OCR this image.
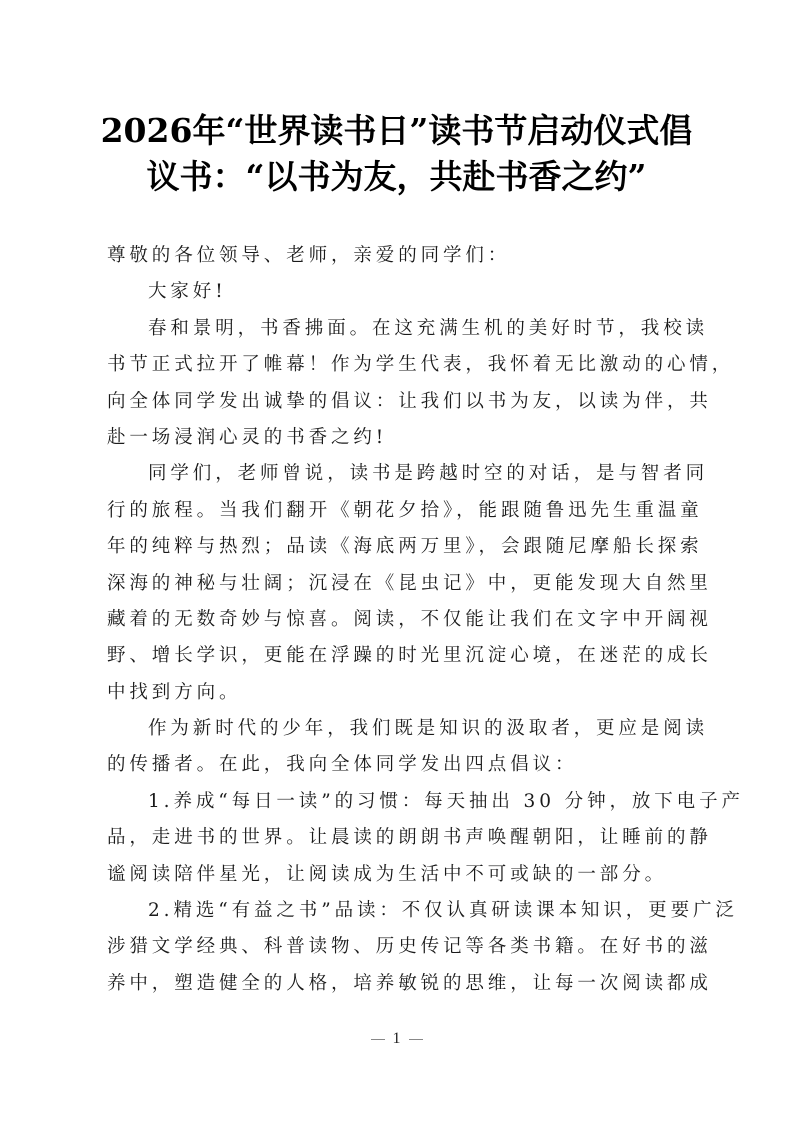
2026年“世界读书日”读书节启动仪式倡
议书：“以书为友，共赴书香之约”
尊敬的各位领导、老师，亲爱的同学们：
大家好!
春和景明，书香拂面。在这充满生机的美好时节，我校读
书节正式拉开了帷幕！作为学生代表，我怀着无比激动的心情，
向全体同学发出诚挚的倡议：让我们以书为友，以读为伴，共
赴一场浸润心灵的书香之约!
同学们，老师曾说，读书是跨越时空的对话，是与智者同
行的旅程。当我们翻开《朝花夕拾》，能跟随鲁迅先生重温童
年的纯粹与热烈；品读《海底两万里》，会跟随尼摩船长探索
深海的神秘与壮阔；沉浸在《昆虫记》中，更能发现大自然里
藏着的无数奇妙与惊喜。阅读，不仅能让我们在文字中开阔视
野、增长学识，更能在浮躁的时光里沉淀心境，在迷茫的成长
中找到方向。
作为新时代的少年，我们既是知识的汲取者，更应是阅读
的传播者。在此，我向全体同学发出四点倡议：
1.养成“每日一读”的习惯：每天抽出 30 分钟，放下电子产
品，走进书的世界。让晨读的朗朗书声唤醒朝阳，让睡前的静
谧阅读陪伴星光，让阅读成为生活中不可或缺的一部分。
2.精选“有益之书”品读：不仅认真研读课本知识，更要广泛
涉猎文学经典、科普读物、历史传记等各类书籍。在好书的滋
养中，塑造健全的人格，培养敏锐的思维，让每一次阅读都成
1
